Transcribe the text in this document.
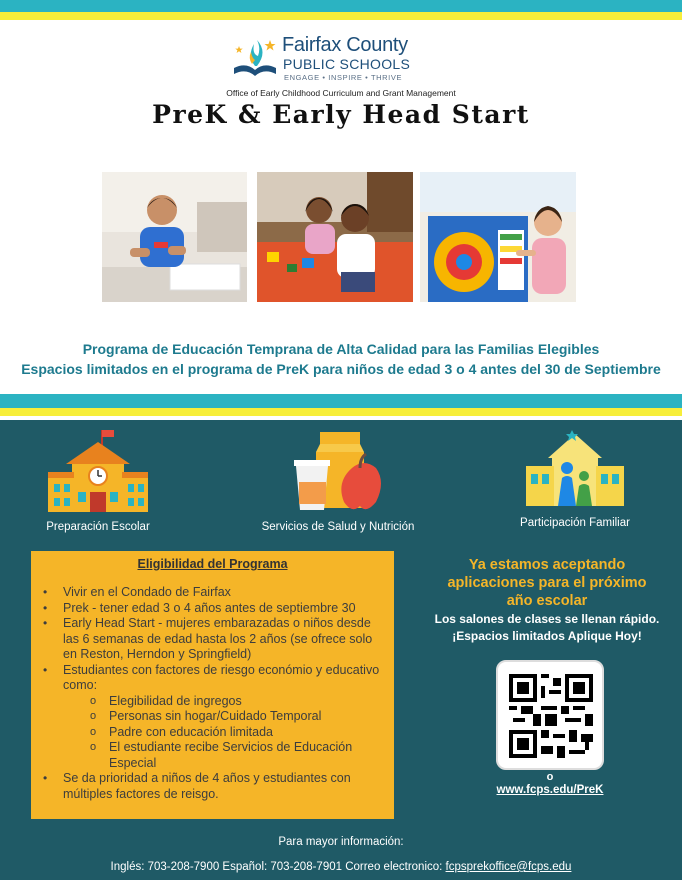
Fairfax County
PUBLIC SCHOOLS
ENGAGE • INSPIRE • THRIVE
Office of Early Childhood Curriculum and Grant Management
PreK & Early Head Start
Programa de Educación Temprana de Alta Calidad para las Familias Elegibles
Espacios limitados en el programa de PreK para niños de edad 3 o 4 antes del 30 de Septiembre
Preparación Escolar	Servicios de Salud y Nutrición	Participación Familiar
Eligibilidad del Programa
• Vivir en el Condado de Fairfax
• Prek - tener edad 3 o 4 años antes de septiembre 30
• Early Head Start - mujeres embarazadas o niños desde las 6 semanas de edad hasta los 2 años (se ofrece solo en Reston, Herndon y Springfield)
• Estudiantes con factores de riesgo económio y educativo como:
o Elegibilidad de ingregos
o Personas sin hogar/Cuidado Temporal
o Padre con educación limitada
o El estudiante recibe Servicios de Educación Especial
• Se da prioridad a niños de 4 años y estudiantes con múltiples factores de reisgo.
Ya estamos aceptando
aplicaciones para el próximo
año escolar
Los salones de clases se llenan rápido.
¡Espacios limitados Aplique Hoy!
o
www.fcps.edu/PreK
Para mayor información:
Inglés: 703-208-7900 Español: 703-208-7901 Correo electronico: fcpsprekoffice@fcps.edu
